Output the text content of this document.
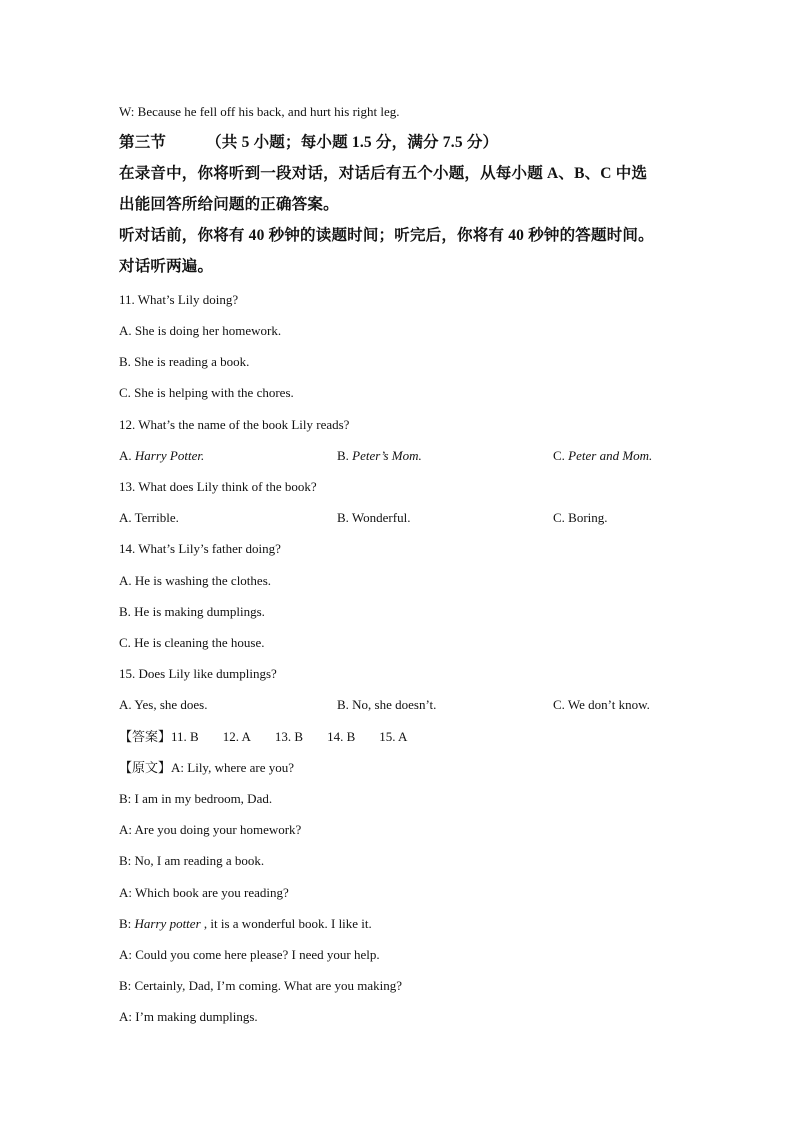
W: Because he fell off his back, and hurt his right leg.
第三节	（共 5 小题；每小题 1.5 分，满分 7.5 分）
在录音中，你将听到一段对话，对话后有五个小题，从每小题 A、B、C 中选
出能回答所给问题的正确答案。
听对话前，你将有 40 秒钟的读题时间；听完后，你将有 40 秒钟的答题时间。
对话听两遍。
11. What’s Lily doing?
A. She is doing her homework.
B. She is reading a book.
C. She is helping with the chores.
12. What’s the name of the book Lily reads?
A. Harry Potter.	B. Peter’s Mom.	C. Peter and Mom.
13. What does Lily think of the book?
A. Terrible.	B. Wonderful.	C. Boring.
14. What’s Lily’s father doing?
A. He is washing the clothes.
B. He is making dumplings.
C. He is cleaning the house.
15. Does Lily like dumplings?
A. Yes, she does.	B. No, she doesn’t.	C. We don’t know.
【答案】11. B 12. A 13. B 14. B 15. A
【原文】A: Lily, where are you?
B: I am in my bedroom, Dad.
A: Are you doing your homework?
B: No, I am reading a book.
A: Which book are you reading?
B: Harry potter , it is a wonderful book. I like it.
A: Could you come here please? I need your help.
B: Certainly, Dad, I’m coming. What are you making?
A: I’m making dumplings.
